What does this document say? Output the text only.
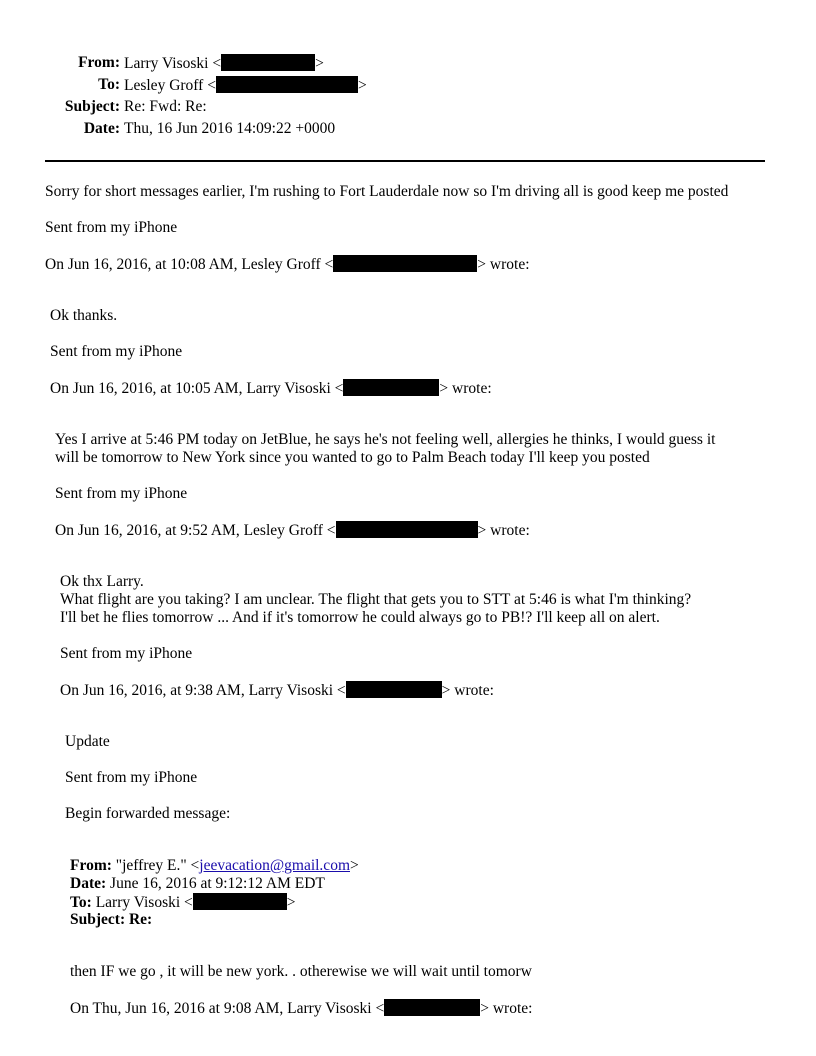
From: Larry Visoski <	>
To: Lesley Groff <	>
Subject: Re: Fwd: Re:
Date: Thu, 16 Jun 2016 14:09:22 +0000
Sorry for short messages earlier, I'm rushing to Fort Lauderdale now so I'm driving all is good keep me posted
Sent from my iPhone
On Jun 16, 2016, at 10:08 AM, Lesley Groff <	> wrote:
Ok thanks.
Sent from my iPhone
On Jun 16, 2016, at 10:05 AM, Larry Visoski <	> wrote:
Yes I arrive at 5:46 PM today on JetBlue, he says he's not feeling well, allergies he thinks, I would guess it
will be tomorrow to New York since you wanted to go to Palm Beach today I'll keep you posted
Sent from my iPhone
On Jun 16, 2016, at 9:52 AM, Lesley Groff <	> wrote:
Ok thx Larry.
What flight are you taking? I am unclear. The flight that gets you to STT at 5:46 is what I'm thinking?
I'll bet he flies tomorrow ... And if it's tomorrow he could always go to PB!? I'll keep all on alert.
Sent from my iPhone
On Jun 16, 2016, at 9:38 AM, Larry Visoski <	> wrote:
Update
Sent from my iPhone
Begin forwarded message:
From: "jeffrey E." <jeevacation@gmail.com>
Date: June 16, 2016 at 9:12:12 AM EDT
To: Larry Visoski <	>
Subject: Re:
then IF we go , it will be new york. . otherewise we will wait until tomorw
On Thu, Jun 16, 2016 at 9:08 AM, Larry Visoski <	> wrote:
